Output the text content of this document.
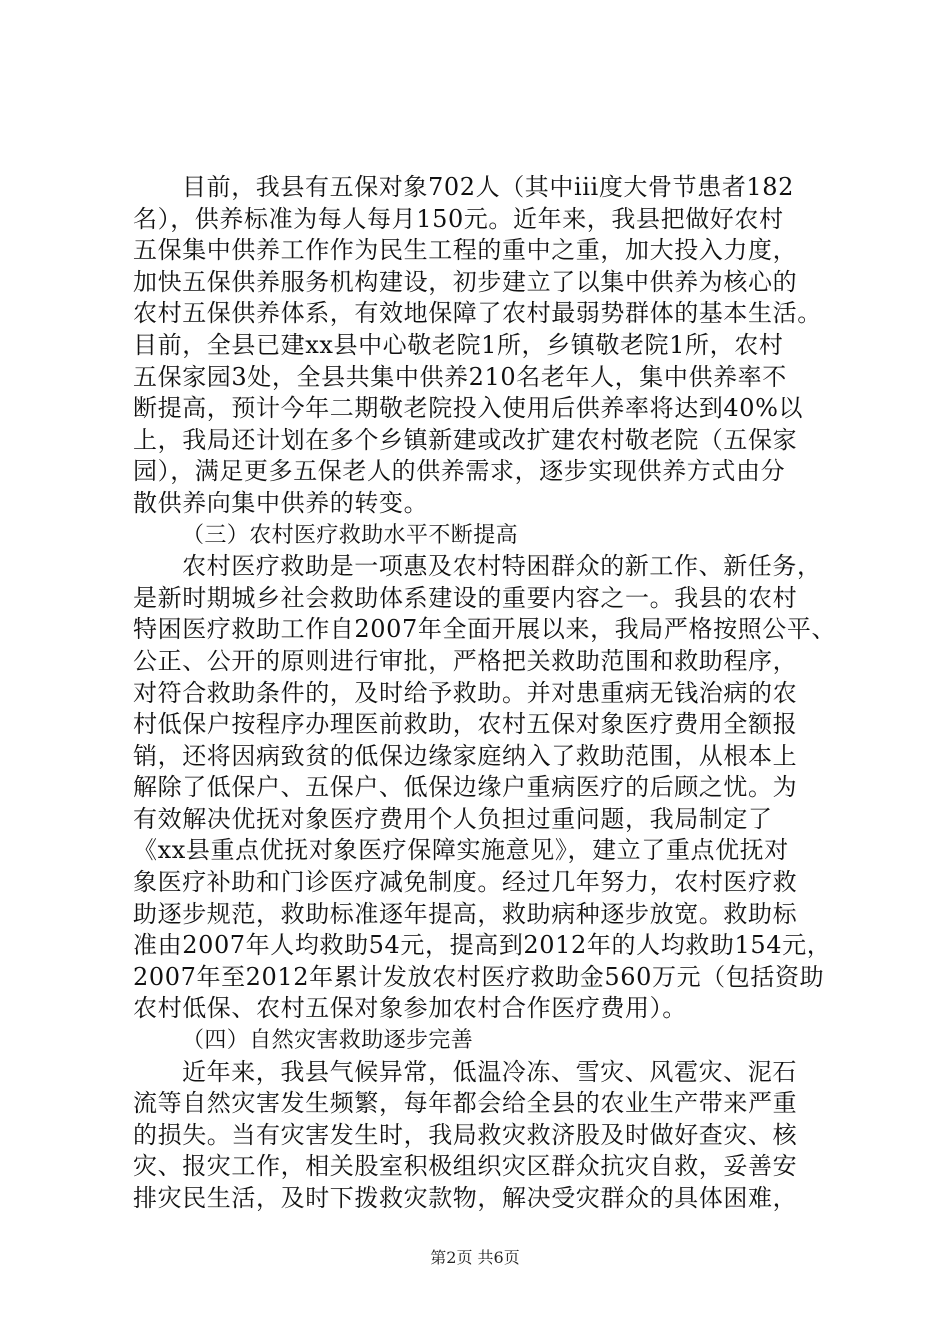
目前，我县有五保对象702人（其中iii度大骨节患者182
名），供养标准为每人每月150元。近年来，我县把做好农村
五保集中供养工作作为民生工程的重中之重，加大投入力度，
加快五保供养服务机构建设，初步建立了以集中供养为核心的
农村五保供养体系，有效地保障了农村最弱势群体的基本生活。
目前，全县已建xx县中心敬老院1所，乡镇敬老院1所，农村
五保家园3处，全县共集中供养210名老年人，集中供养率不
断提高，预计今年二期敬老院投入使用后供养率将达到40%以
上，我局还计划在多个乡镇新建或改扩建农村敬老院（五保家
园），满足更多五保老人的供养需求，逐步实现供养方式由分
散供养向集中供养的转变。
（三）农村医疗救助水平不断提高
农村医疗救助是一项惠及农村特困群众的新工作、新任务，
是新时期城乡社会救助体系建设的重要内容之一。我县的农村
特困医疗救助工作自2007年全面开展以来，我局严格按照公平、
公正、公开的原则进行审批，严格把关救助范围和救助程序，
对符合救助条件的，及时给予救助。并对患重病无钱治病的农
村低保户按程序办理医前救助，农村五保对象医疗费用全额报
销，还将因病致贫的低保边缘家庭纳入了救助范围，从根本上
解除了低保户、五保户、低保边缘户重病医疗的后顾之忧。为
有效解决优抚对象医疗费用个人负担过重问题，我局制定了
《xx县重点优抚对象医疗保障实施意见》，建立了重点优抚对
象医疗补助和门诊医疗减免制度。经过几年努力，农村医疗救
助逐步规范，救助标准逐年提高，救助病种逐步放宽。救助标
准由2007年人均救助54元，提高到2012年的人均救助154元，
2007年至2012年累计发放农村医疗救助金560万元（包括资助
农村低保、农村五保对象参加农村合作医疗费用）。
（四）自然灾害救助逐步完善
近年来，我县气候异常，低温冷冻、雪灾、风雹灾、泥石
流等自然灾害发生频繁，每年都会给全县的农业生产带来严重
的损失。当有灾害发生时，我局救灾救济股及时做好查灾、核
灾、报灾工作，相关股室积极组织灾区群众抗灾自救，妥善安
排灾民生活，及时下拨救灾款物，解决受灾群众的具体困难，
第2页 共6页
